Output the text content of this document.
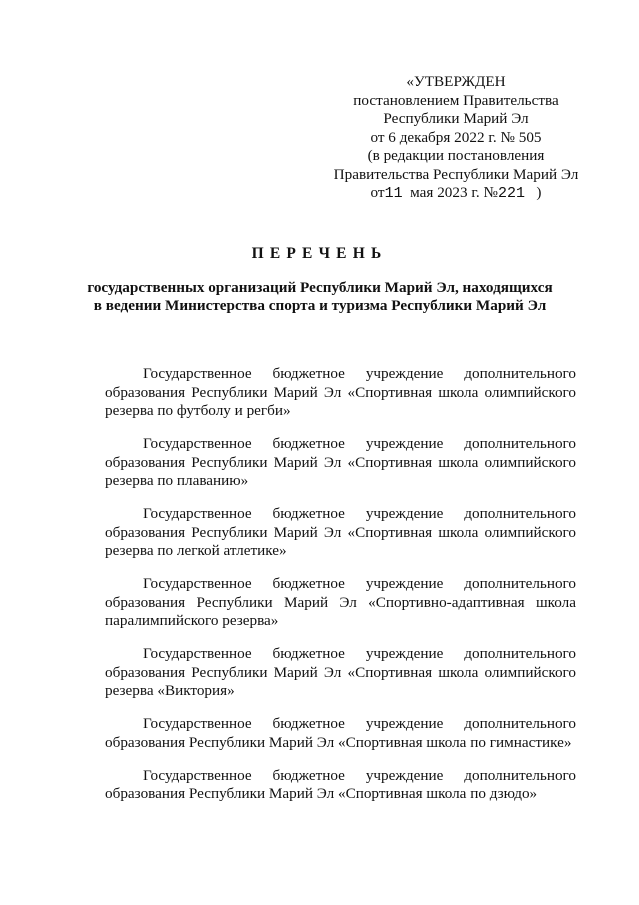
«УТВЕРЖДЕН
постановлением Правительства
Республики Марий Эл
от 6 декабря 2022 г. № 505
(в редакции постановления
Правительства Республики Марий Эл
от11 мая 2023 г. №221 )
ПЕРЕЧЕНЬ
государственных организаций Республики Марий Эл, находящихся
в ведении Министерства спорта и туризма Республики Марий Эл
Государственное бюджетное учреждение дополнительного
образования Республики Марий Эл «Спортивная школа олимпийского
резерва по футболу и регби»
Государственное бюджетное учреждение дополнительного
образования Республики Марий Эл «Спортивная школа олимпийского
резерва по плаванию»
Государственное бюджетное учреждение дополнительного
образования Республики Марий Эл «Спортивная школа олимпийского
резерва по легкой атлетике»
Государственное бюджетное учреждение дополнительного
образования Республики Марий Эл «Спортивно-адаптивная школа
паралимпийского резерва»
Государственное бюджетное учреждение дополнительного
образования Республики Марий Эл «Спортивная школа олимпийского
резерва «Виктория»
Государственное бюджетное учреждение дополнительного
образования Республики Марий Эл «Спортивная школа по гимнастике»
Государственное бюджетное учреждение дополнительного
образования Республики Марий Эл «Спортивная школа по дзюдо»
